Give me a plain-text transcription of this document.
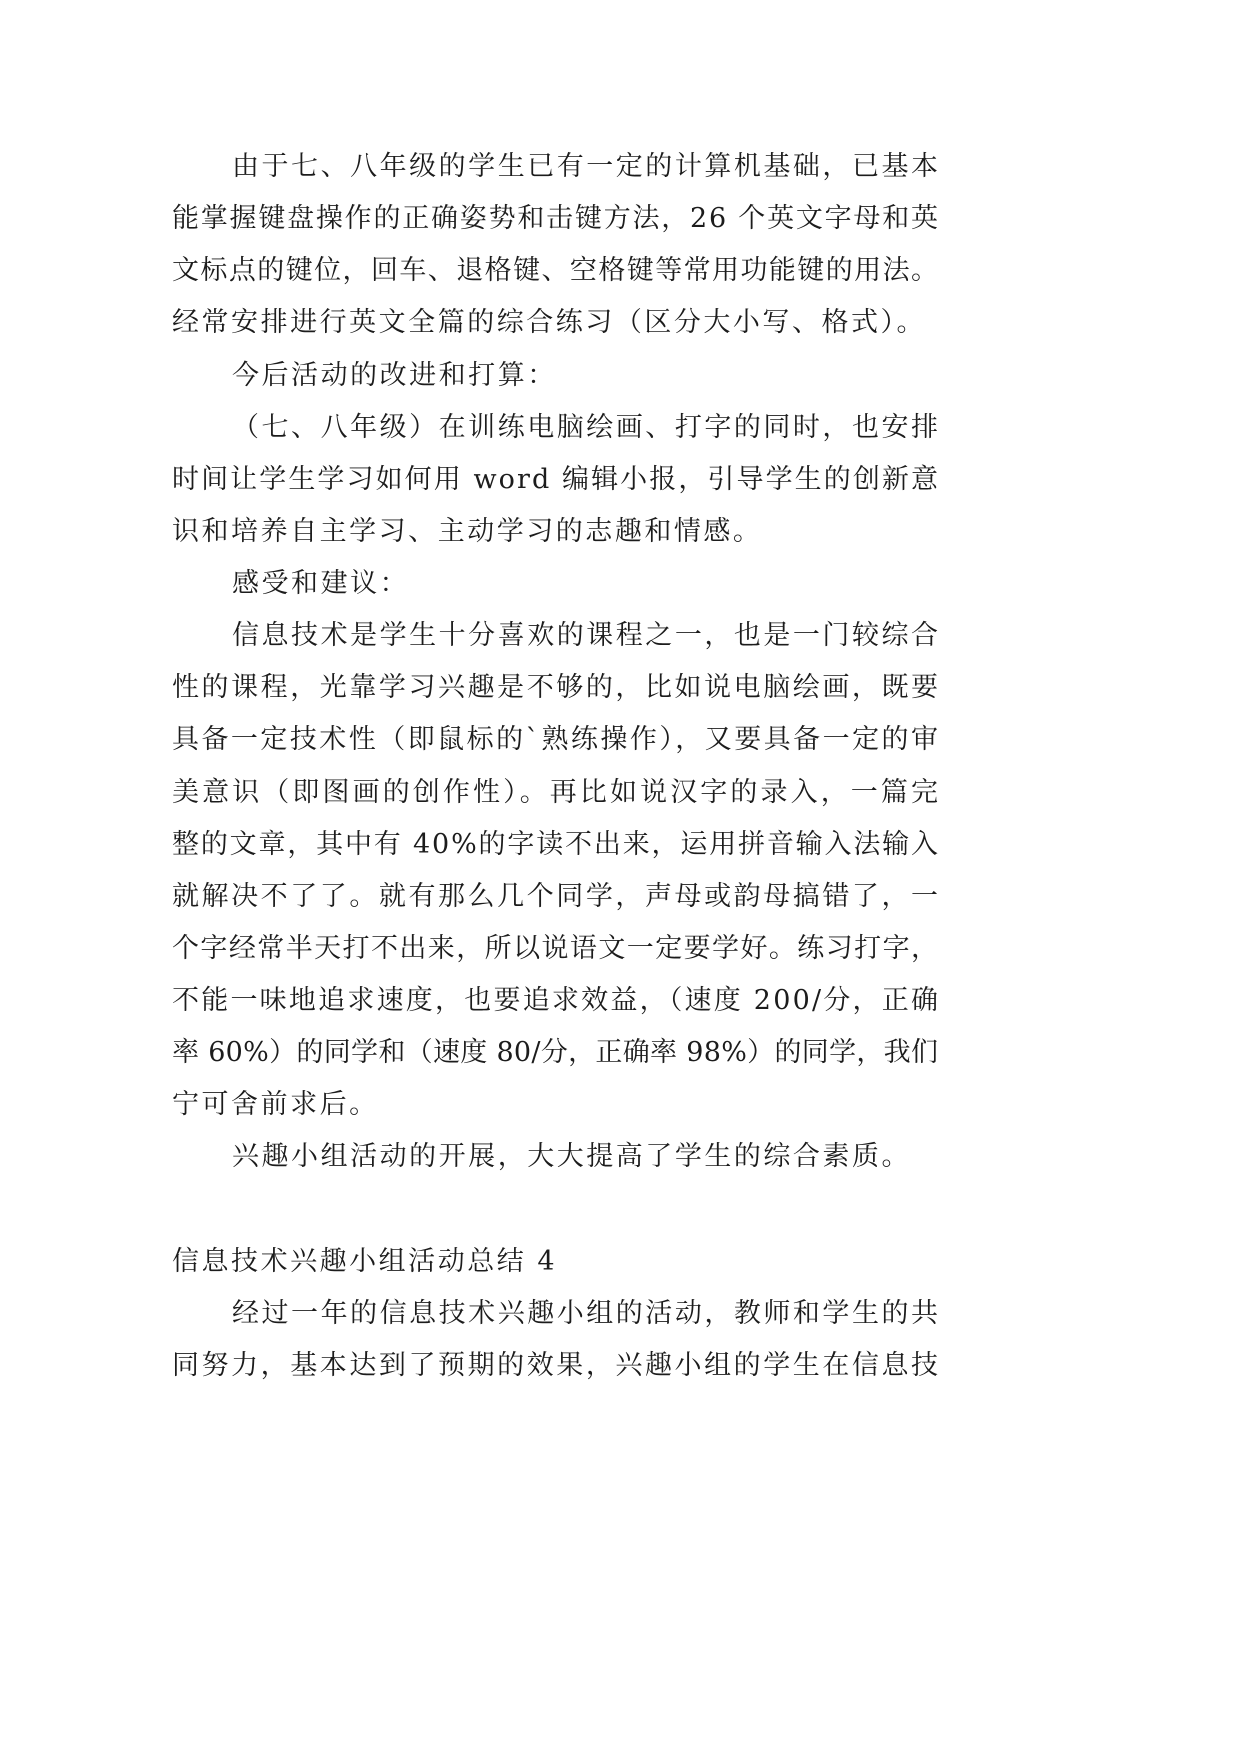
由于七、八年级的学生已有一定的计算机基础，已基本
能掌握键盘操作的正确姿势和击键方法，26 个英文字母和英
文标点的键位，回车、退格键、空格键等常用功能键的用法。
经常安排进行英文全篇的综合练习（区分大小写、格式）。
今后活动的改进和打算：
（七、八年级）在训练电脑绘画、打字的同时，也安排
时间让学生学习如何用 word 编辑小报，引导学生的创新意
识和培养自主学习、主动学习的志趣和情感。
感受和建议：
信息技术是学生十分喜欢的课程之一，也是一门较综合
性的课程，光靠学习兴趣是不够的，比如说电脑绘画，既要
具备一定技术性（即鼠标的`熟练操作），又要具备一定的审
美意识（即图画的创作性）。再比如说汉字的录入，一篇完
整的文章，其中有 40%的字读不出来，运用拼音输入法输入
就解决不了了。就有那么几个同学，声母或韵母搞错了，一
个字经常半天打不出来，所以说语文一定要学好。练习打字，
不能一味地追求速度，也要追求效益，（速度 200/分，正确
率 60%）的同学和（速度 80/分，正确率 98%）的同学，我们
宁可舍前求后。
兴趣小组活动的开展，大大提高了学生的综合素质。
信息技术兴趣小组活动总结 4
经过一年的信息技术兴趣小组的活动，教师和学生的共
同努力，基本达到了预期的效果，兴趣小组的学生在信息技
